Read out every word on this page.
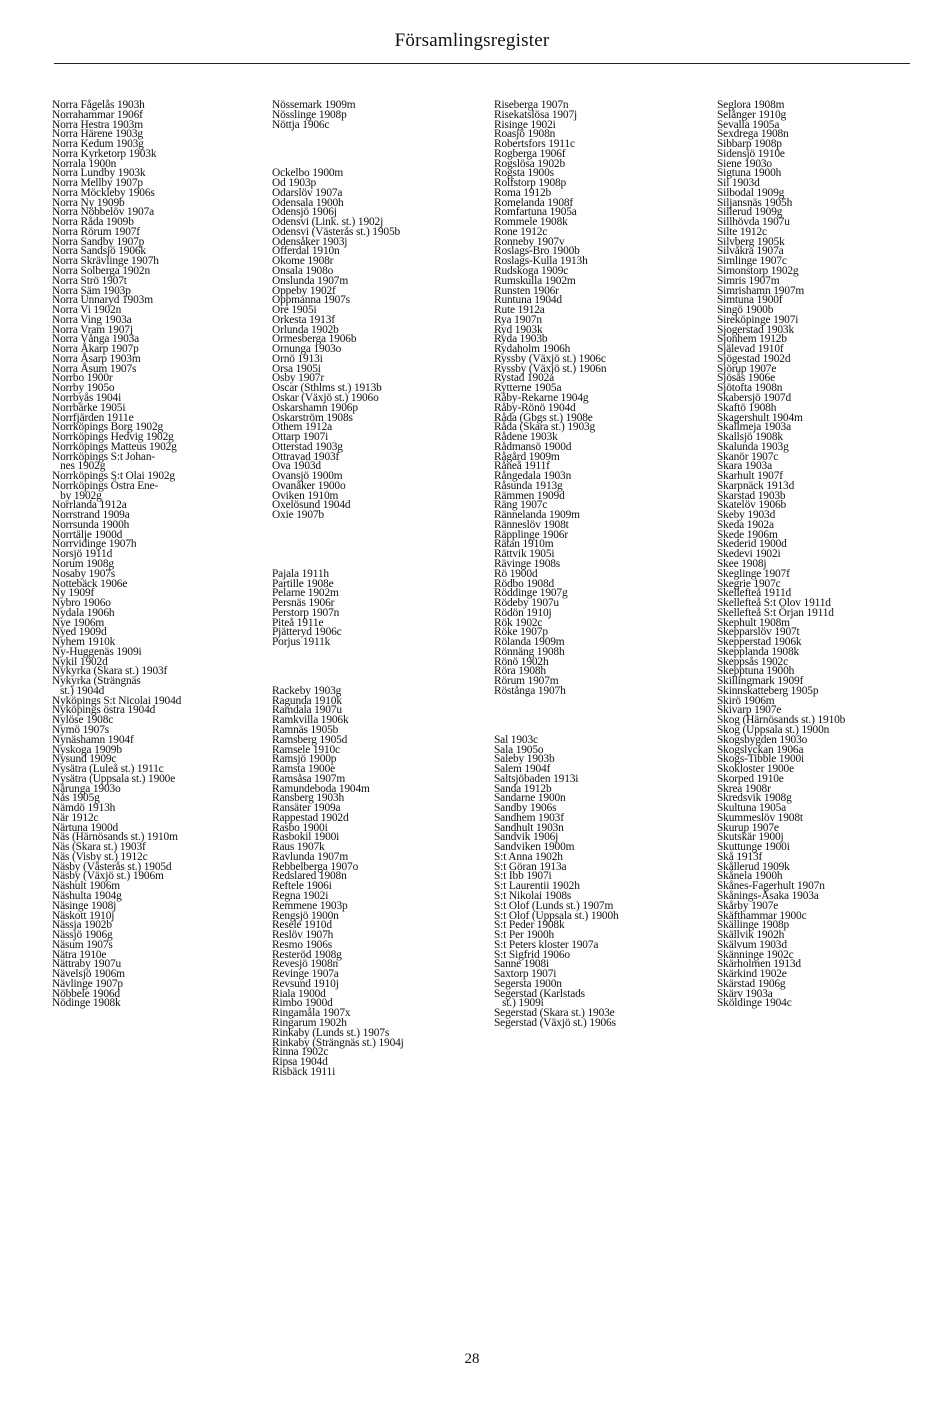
Församlingsregister
Norra Fågelås 1903h
Norrahammar 1906f
Norra Hestra 1903m
Norra Härene 1903g
Norra Kedum 1903g
Norra Kyrketorp 1903k
Norrala 1900n
Norra Lundby 1903k
Norra Mellby 1907p
Norra Möckleby 1906s
Norra Ny 1909b
Norra Nöbbelöv 1907a
Norra Råda 1909b
Norra Rörum 1907f
Norra Sandby 1907p
Norra Sandsjö 1906k
Norra Skrävlinge 1907h
Norra Solberga 1902n
Norra Strö 1907t
Norra Säm 1903p
Norra Unnaryd 1903m
Norra Vi 1902n
Norra Ving 1903a
Norra Vram 1907j
Norra Vånga 1903a
Norra Åkarp 1907p
Norra Åsarp 1903m
Norra Åsum 1907s
Norrbo 1900r
Norrby 1905o
Norrbyås 1904i
Norrbärke 1905i
Norrfjärden 1911e
Norrköpings Borg 1902g
Norrköpings Hedvig 1902g
Norrköpings Matteus 1902g
Norrköpings S:t Johan-
nes 1902g
Norrköpings S:t Olai 1902g
Norrköpings Östra Ene-
by 1902g
Norrlanda 1912a
Norrstrand 1909a
Norrsunda 1900h
Norrtälje 1900d
Norrvidinge 1907h
Norsjö 1911d
Norum 1908g
Nosaby 1907s
Nottebäck 1906e
Ny 1909f
Nybro 1906o
Nydala 1906h
Nye 1906m
Nyed 1909d
Nyhem 1910k
Ny-Huggenäs 1909i
Nykil 1902d
Nykyrka (Skara st.) 1903f
Nykyrka (Strängnäs
st.) 1904d
Nyköpings S:t Nicolai 1904d
Nyköpings östra 1904d
Nylöse 1908c
Nymö 1907s
Nynäshamn 1904f
Nyskoga 1909b
Nysund 1909c
Nysätra (Luleå st.) 1911c
Nysätra (Uppsala st.) 1900e
Nårunga 1903o
Nås 1905g
Nämdö 1913h
När 1912c
Närtuna 1900d
Näs (Härnösands st.) 1910m
Näs (Skara st.) 1903f
Näs (Visby st.) 1912c
Näsby (Västerås st.) 1905d
Näsby (Växjö st.) 1906m
Näshult 1906m
Näshulta 1904g
Näsinge 1908j
Näskott 1910j
Nässja 1902b
Nässjö 1906g
Näsum 1907s
Nätra 1910e
Nättraby 1907u
Nävelsjö 1906m
Nävlinge 1907p
Nöbbele 1906d
Nödinge 1908k
Nössemark 1909m
Nösslinge 1908p
Nöttja 1906c
Ockelbo 1900m
Od 1903p
Odarslöv 1907a
Odensala 1900h
Odensjö 1906j
Odensvi (Link. st.) 1902j
Odensvi (Västerås st.) 1905b
Odensåker 1903j
Offerdal 1910n
Okome 1908r
Onsala 1908o
Onslunda 1907m
Oppeby 1902f
Oppmanna 1907s
Ore 1905i
Orkesta 1913f
Orlunda 1902b
Ormesberga 1906b
Ornunga 1903o
Ornö 1913i
Orsa 1905i
Osby 1907r
Oscar (Sthlms st.) 1913b
Oskar (Växjö st.) 1906o
Oskarshamn 1906p
Oskarström 1908s
Othem 1912a
Ottarp 1907i
Otterstad 1903g
Ottravad 1903f
Ova 1903d
Ovansjö 1900m
Ovanåker 1900o
Oviken 1910m
Oxelösund 1904d
Oxie 1907b
Pajala 1911h
Partille 1908e
Pelarne 1902m
Persnäs 1906r
Perstorp 1907n
Piteå 1911e
Pjätteryd 1906c
Porjus 1911k
Rackeby 1903g
Ragunda 1910k
Ramdala 1907u
Ramkvilla 1906k
Ramnäs 1905b
Ramsberg 1905d
Ramsele 1910c
Ramsjö 1900p
Ramsta 1900e
Ramsåsa 1907m
Ramundeboda 1904m
Ransberg 1903h
Ransäter 1909a
Rappestad 1902d
Rasbo 1900i
Rasbokil 1900i
Raus 1907k
Ravlunda 1907m
Rebbelberga 1907o
Redslared 1908n
Reftele 1906i
Regna 1902i
Remmene 1903p
Rengsjö 1900n
Resele 1910d
Reslöv 1907h
Resmo 1906s
Resteröd 1908g
Revesjö 1908n
Revinge 1907a
Revsund 1910j
Riala 1900d
Rimbo 1900d
Ringamåla 1907x
Ringarum 1902h
Rinkaby (Lunds st.) 1907s
Rinkaby (Strängnäs st.) 1904j
Rinna 1902c
Ripsa 1904d
Risbäck 1911i
Riseberga 1907n
Risekatslösa 1907j
Risinge 1902i
Roasjö 1908n
Robertsfors 1911c
Rogberga 1906f
Rogslösa 1902b
Rogsta 1900s
Rolfstorp 1908p
Roma 1912b
Romelanda 1908f
Romfartuna 1905a
Rommele 1908k
Rone 1912c
Ronneby 1907v
Roslags-Bro 1900b
Roslags-Kulla 1913h
Rudskoga 1909c
Rumskulla 1902m
Runsten 1906r
Runtuna 1904d
Rute 1912a
Rya 1907n
Ryd 1903k
Ryda 1903b
Rydaholm 1906h
Ryssby (Växjö st.) 1906c
Ryssby (Växjö st.) 1906n
Rystad 1902a
Rytterne 1905a
Råby-Rekarne 1904g
Råby-Rönö 1904d
Råda (Gbgs st.) 1908e
Råda (Skara st.) 1903g
Rådene 1903k
Rådmansö 1900d
Rågård 1909m
Råneå 1911f
Rångedala 1903n
Råsunda 1913g
Rämmen 1909d
Räng 1907c
Rännelanda 1909m
Ränneslöv 1908t
Räpplinge 1906r
Rätan 1910m
Rättvik 1905i
Rävinge 1908s
Rö 1900d
Rödbo 1908d
Röddinge 1907g
Rödeby 1907u
Rödön 1910j
Rök 1902c
Röke 1907p
Rölanda 1909m
Rönnäng 1908h
Rönö 1902h
Röra 1908h
Rörum 1907m
Röstånga 1907h
Sal 1903c
Sala 1905o
Saleby 1903b
Salem 1904f
Saltsjöbaden 1913i
Sanda 1912b
Sandarne 1900n
Sandby 1906s
Sandhem 1903f
Sandhult 1903n
Sandvik 1906j
Sandviken 1900m
S:t Anna 1902h
S:t Göran 1913a
S:t Ibb 1907i
S:t Laurentii 1902h
S:t Nikolai 1908s
S:t Olof (Lunds st.) 1907m
S:t Olof (Uppsala st.) 1900h
S:t Peder 1908k
S:t Per 1900h
S:t Peters kloster 1907a
S:t Sigfrid 1906o
Sanne 1908i
Saxtorp 1907i
Segersta 1900n
Segerstad (Karlstads
st.) 1909i
Segerstad (Skara st.) 1903e
Segerstad (Växjö st.) 1906s
Seglora 1908m
Selånger 1910g
Sevalla 1905a
Sexdrega 1908n
Sibbarp 1908p
Sidensjö 1910e
Siene 1903o
Sigtuna 1900h
Sil 1903d
Silbodal 1909g
Siljansnäs 1905h
Sillerud 1909g
Sillhövda 1907u
Silte 1912c
Silvberg 1905k
Silvåkra 1907a
Simlinge 1907c
Simonstorp 1902g
Simris 1907m
Simrishamn 1907m
Simtuna 1900f
Singö 1900b
Sireköpinge 1907i
Sjogerstad 1903k
Sjonhem 1912b
Själevad 1910f
Sjögestad 1902d
Sjörup 1907e
Sjösås 1906e
Sjötofta 1908n
Skabersjö 1907d
Skaftö 1908h
Skagershult 1904m
Skallmeja 1903a
Skallsjö 1908k
Skalunda 1903g
Skanör 1907c
Skara 1903a
Skarhult 1907f
Skarpnäck 1913d
Skarstad 1903b
Skatelöv 1906b
Skeby 1903d
Skeda 1902a
Skede 1906m
Skederid 1900d
Skedevi 1902i
Skee 1908j
Skeglinge 1907f
Skegrie 1907c
Skellefteå 1911d
Skellefteå S:t Olov 1911d
Skellefteå S:t Örjan 1911d
Skephult 1908m
Skepparslöv 1907t
Skepperstad 1906k
Skepplanda 1908k
Skeppsås 1902c
Skepptuna 1900h
Skillingmark 1909f
Skinnskatteberg 1905p
Skirö 1906m
Skivarp 1907e
Skog (Härnösands st.) 1910b
Skog (Uppsala st.) 1900n
Skogsbygden 1903o
Skogslyckan 1906a
Skogs-Tibble 1900i
Skokloster 1900e
Skorped 1910e
Skrea 1908r
Skredsvik 1908g
Skultuna 1905a
Skummeslöv 1908t
Skurup 1907e
Skutskär 1900j
Skuttunge 1900i
Skå 1913f
Skållerud 1909k
Skånela 1900h
Skånes-Fagerhult 1907n
Skånings-Åsaka 1903a
Skårby 1907e
Skäfthammar 1900c
Skällinge 1908p
Skällvik 1902h
Skälvum 1903d
Skänninge 1902c
Skärholmen 1913d
Skärkind 1902e
Skärstad 1906g
Skärv 1903a
Sköldinge 1904c
28
